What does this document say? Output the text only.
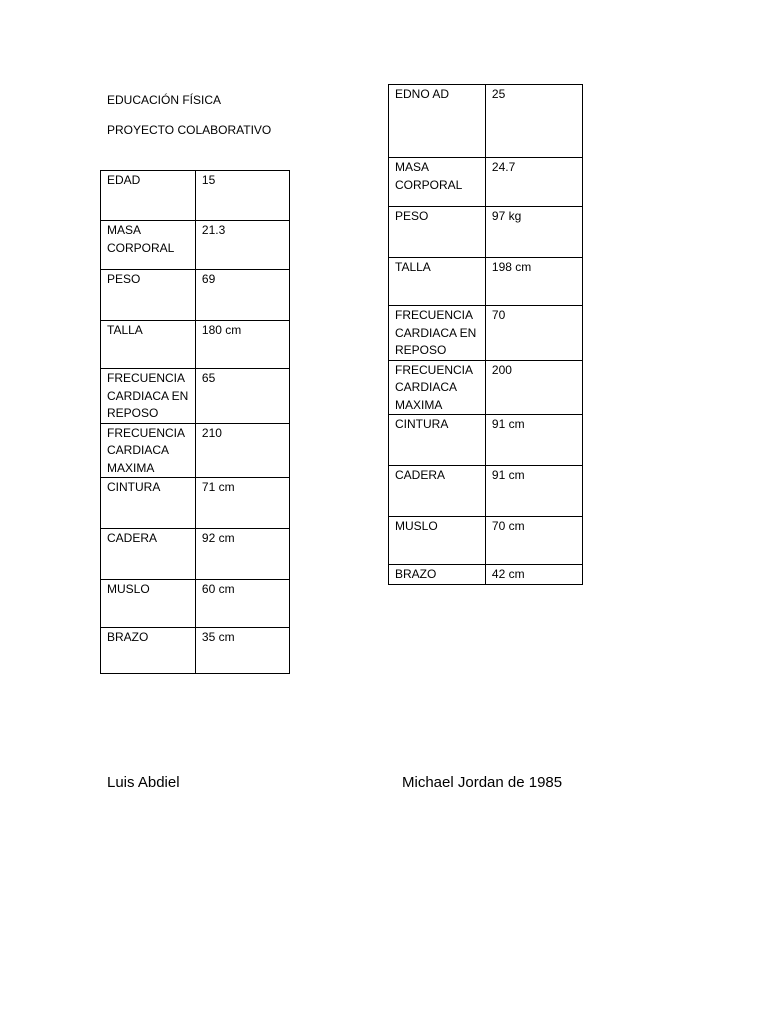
EDUCACIÓN FÍSICA
PROYECTO COLABORATIVO
EDAD	15
MASA CORPORAL	21.3
PESO	69
TALLA	180 cm
FRECUENCIA CARDIACA EN REPOSO	65
FRECUENCIA CARDIACA MAXIMA	210
CINTURA	71 cm
CADERA	92 cm
MUSLO	60 cm
BRAZO	35 cm
EDNO AD	25
MASA CORPORAL	24.7
PESO	97 kg
TALLA	198 cm
FRECUENCIA CARDIACA EN REPOSO	70
FRECUENCIA CARDIACA MAXIMA	200
CINTURA	91 cm
CADERA	91 cm
MUSLO	70 cm
BRAZO	42 cm
Luis Abdiel	Michael Jordan de 1985
